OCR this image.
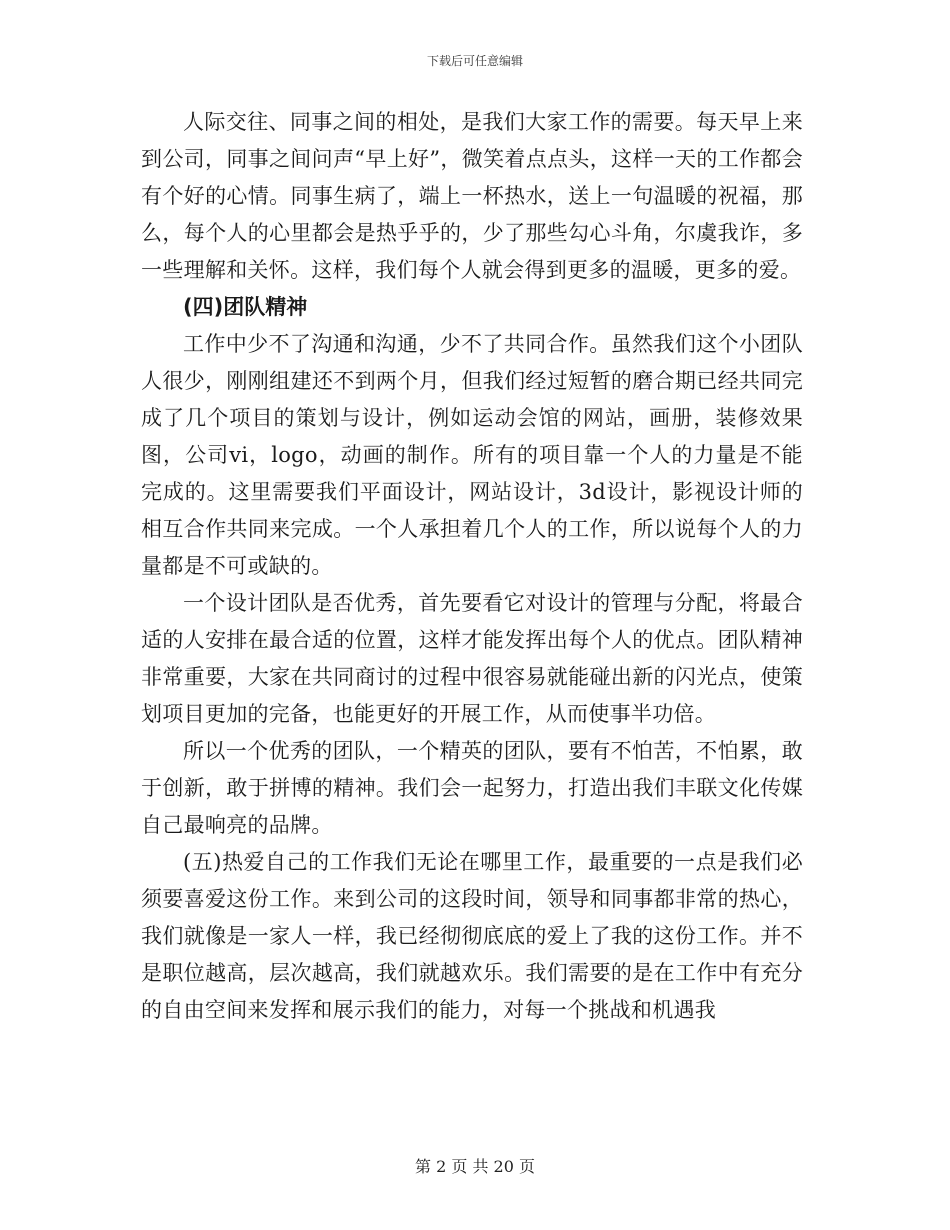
下载后可任意编辑

人际交往、同事之间的相处，是我们大家工作的需要。每天早上来到公司，同事之间问声“早上好”，微笑着点点头，这样一天的工作都会有个好的心情。同事生病了，端上一杯热水，送上一句温暖的祝福，那么，每个人的心里都会是热乎乎的，少了那些勾心斗角，尔虞我诈，多一些理解和关怀。这样，我们每个人就会得到更多的温暖，更多的爱。

(四)团队精神

工作中少不了沟通和沟通，少不了共同合作。虽然我们这个小团队人很少，刚刚组建还不到两个月，但我们经过短暂的磨合期已经共同完成了几个项目的策划与设计，例如运动会馆的网站，画册，装修效果图，公司vi，logo，动画的制作。所有的项目靠一个人的力量是不能完成的。这里需要我们平面设计，网站设计，3d设计，影视设计师的相互合作共同来完成。一个人承担着几个人的工作，所以说每个人的力量都是不可或缺的。

一个设计团队是否优秀，首先要看它对设计的管理与分配，将最合适的人安排在最合适的位置，这样才能发挥出每个人的优点。团队精神非常重要，大家在共同商讨的过程中很容易就能碰出新的闪光点，使策划项目更加的完备，也能更好的开展工作，从而使事半功倍。

所以一个优秀的团队，一个精英的团队，要有不怕苦，不怕累，敢于创新，敢于拼博的精神。我们会一起努力，打造出我们丰联文化传媒自己最响亮的品牌。

(五)热爱自己的工作我们无论在哪里工作，最重要的一点是我们必须要喜爱这份工作。来到公司的这段时间，领导和同事都非常的热心，我们就像是一家人一样，我已经彻彻底底的爱上了我的这份工作。并不是职位越高，层次越高，我们就越欢乐。我们需要的是在工作中有充分的自由空间来发挥和展示我们的能力，对每一个挑战和机遇我

第 2 页 共 20 页
